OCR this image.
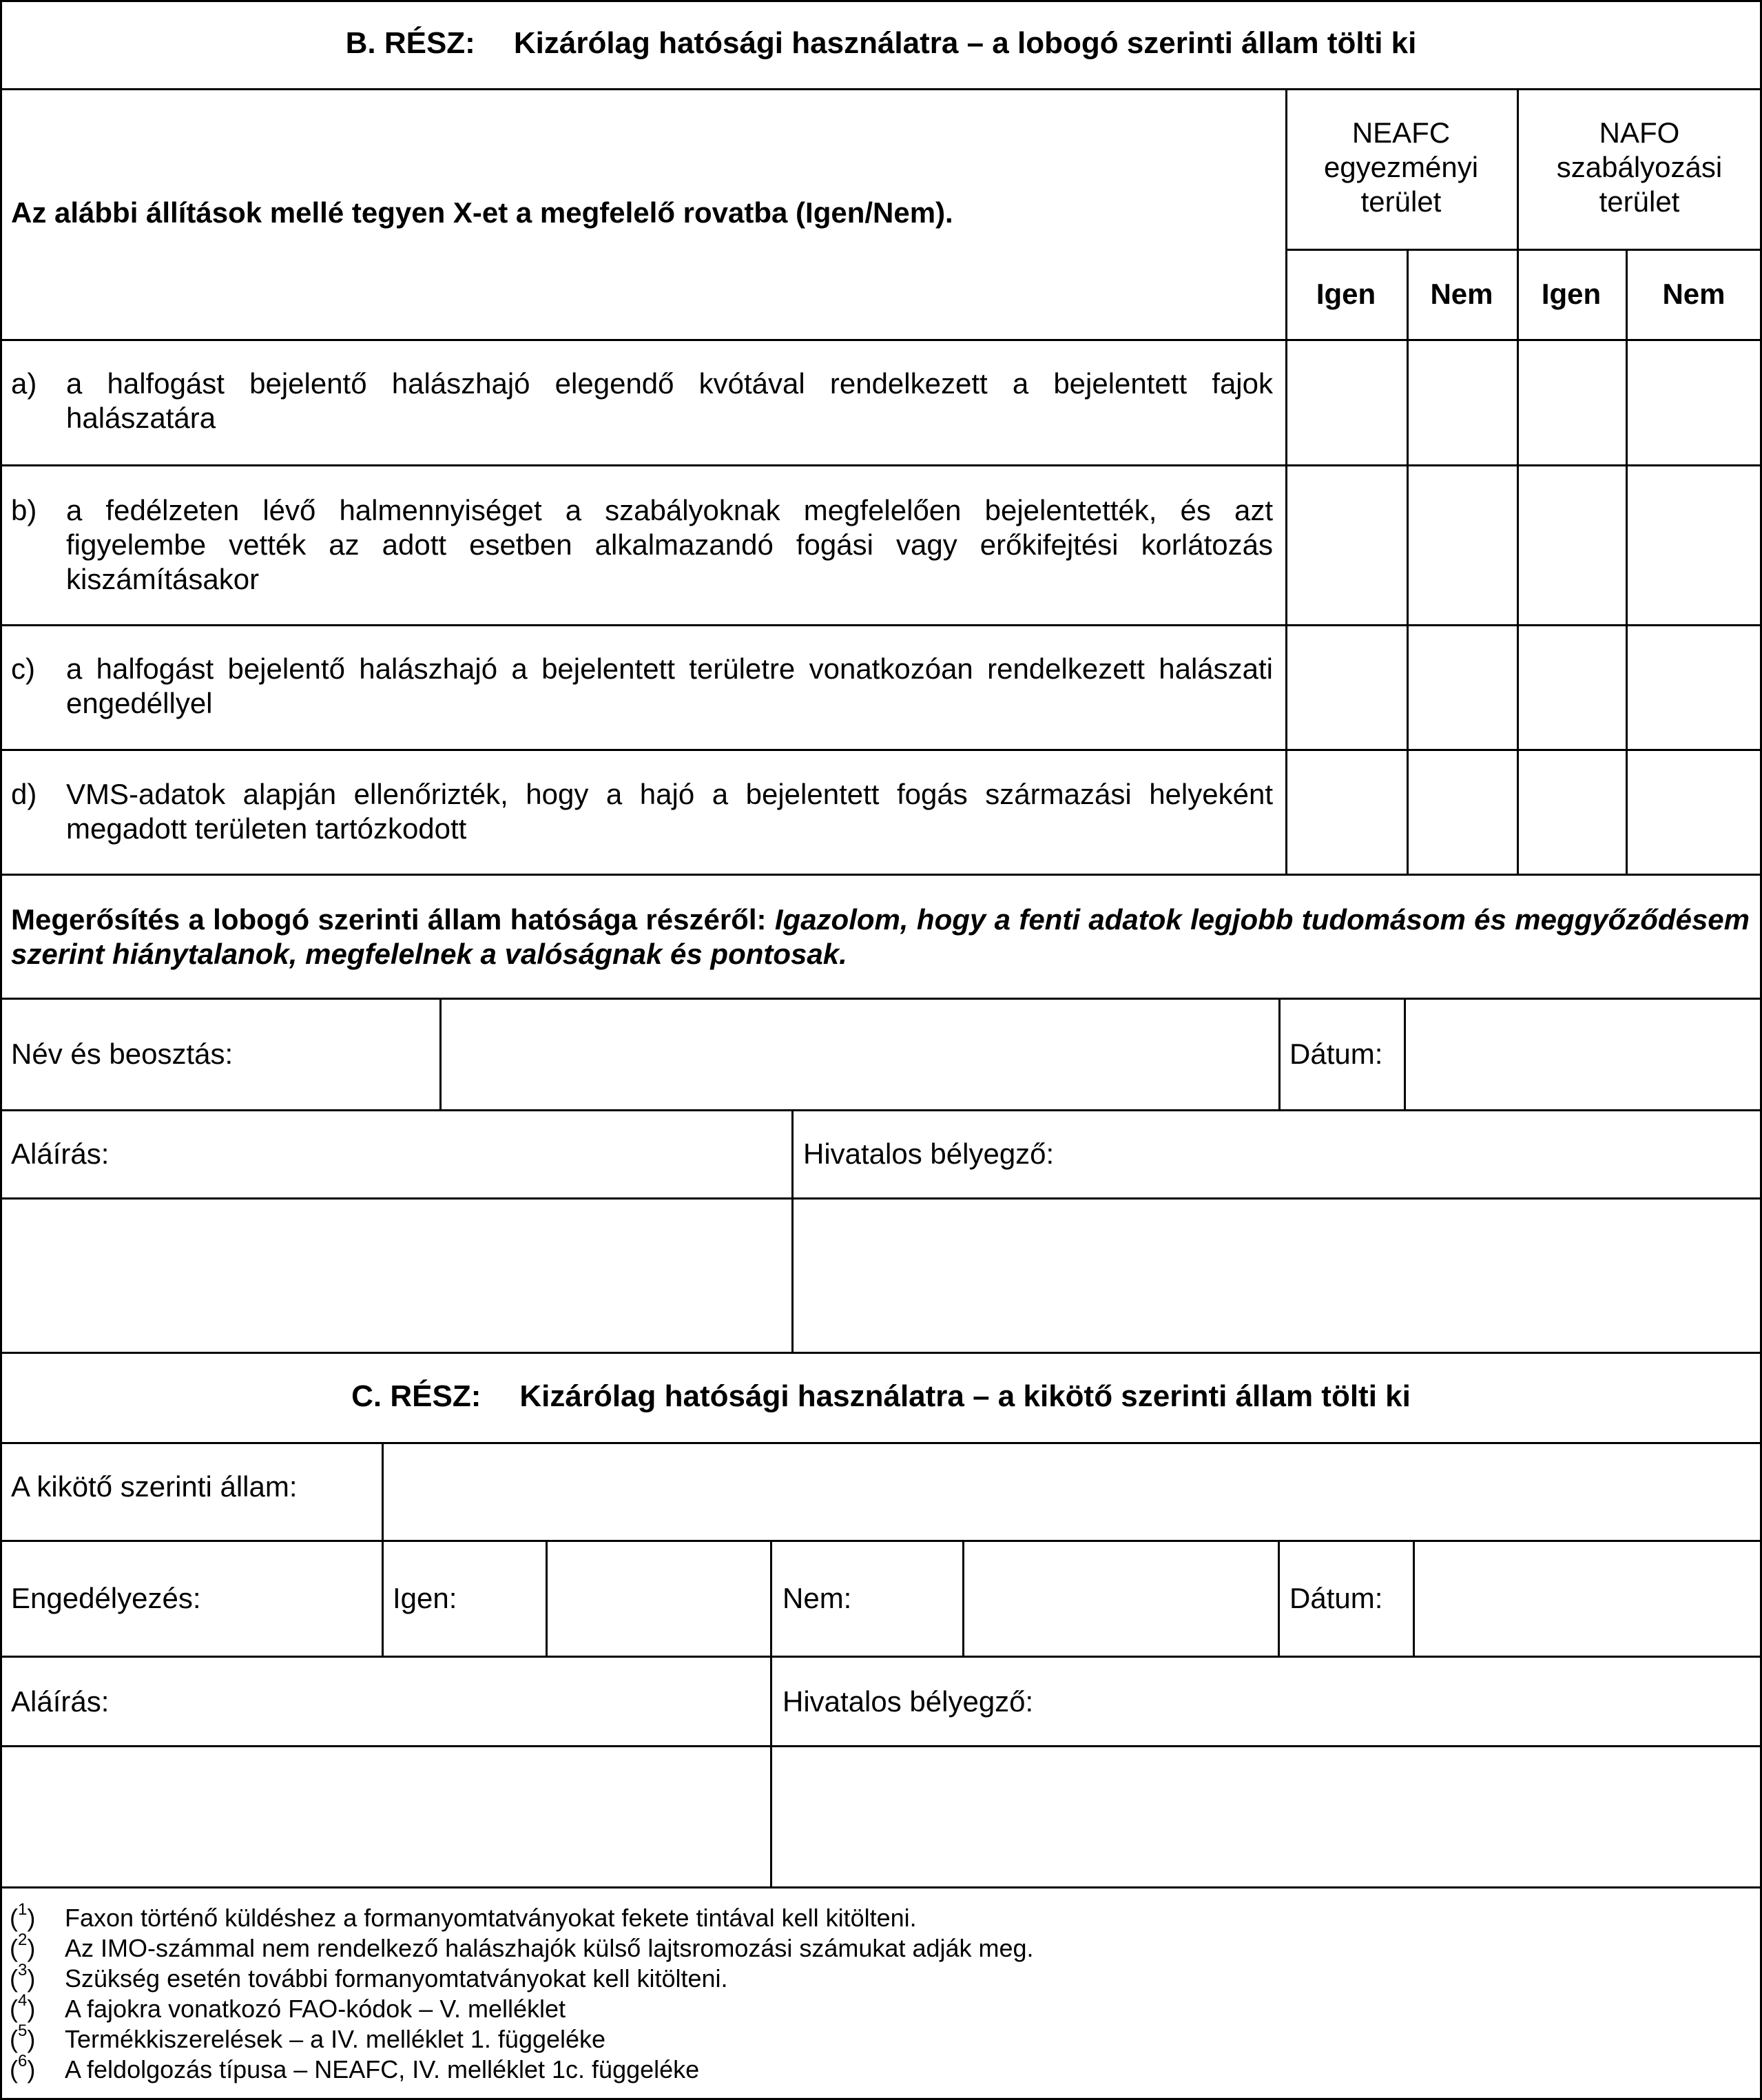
B. RÉSZ: Kizárólag hatósági használatra – a lobogó szerinti állam tölti ki
Az alábbi állítások mellé tegyen X-et a megfelelő rovatba (Igen/Nem).
NEAFC
egyezményi
terület
NAFO
szabályozási
terület
Igen	Nem	Igen	Nem
a) a halfogást bejelentő halászhajó elegendő kvótával rendelkezett a bejelentett fajok halászatára
b) a fedélzeten lévő halmennyiséget a szabályoknak megfelelően bejelentették, és azt figyelembe vették az adott esetben alkalmazandó fogási vagy erőkifejtési korlátozás kiszámításakor
c) a halfogást bejelentő halászhajó a bejelentett területre vonatkozóan rendelkezett halászati engedéllyel
d) VMS-adatok alapján ellenőrizték, hogy a hajó a bejelentett fogás származási helyeként megadott területen tartózkodott
Megerősítés a lobogó szerinti állam hatósága részéről: Igazolom, hogy a fenti adatok legjobb tudomásom és meggyőződésem szerint hiánytalanok, megfelelnek a valóságnak és pontosak.
Név és beosztás:	Dátum:
Aláírás:	Hivatalos bélyegző:
C. RÉSZ: Kizárólag hatósági használatra – a kikötő szerinti állam tölti ki
A kikötő szerinti állam:
Engedélyezés:	Igen:	Nem:	Dátum:
Aláírás:	Hivatalos bélyegző:
($^1$) Faxon történő küldéshez a formanyomtatványokat fekete tintával kell kitölteni.
($^2$) Az IMO-számmal nem rendelkező halászhajók külső lajtsromozási számukat adják meg.
($^3$) Szükség esetén további formanyomtatványokat kell kitölteni.
($^4$) A fajokra vonatkozó FAO-kódok – V. melléklet
($^5$) Termékkiszerelések – a IV. melléklet 1. függeléke
($^6$) A feldolgozás típusa – NEAFC, IV. melléklet 1c. függeléke
